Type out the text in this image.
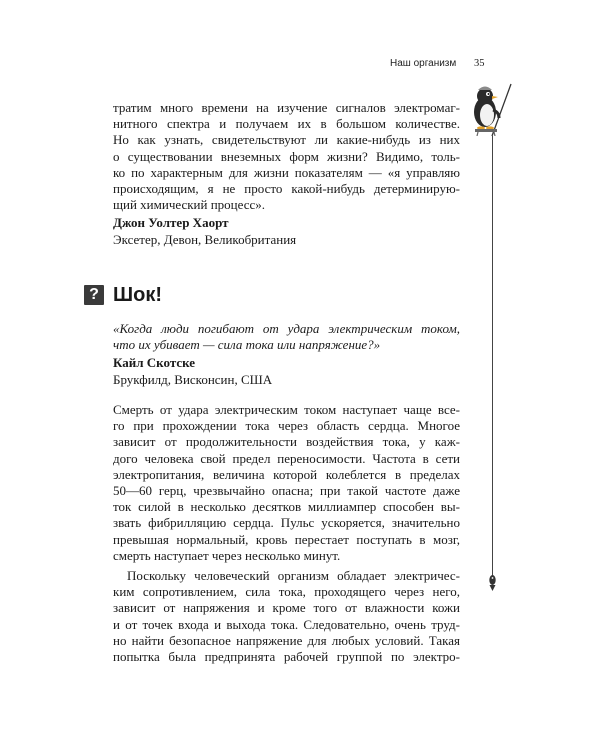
Наш организм 35

тратим много времени на изучение сигналов электромаг-
нитного спектра и получаем их в большом количестве.
Но как узнать, свидетельствуют ли какие-нибудь из них
о существовании внеземных форм жизни? Видимо, толь-
ко по характерным для жизни показателям — «я управляю
происходящим, я не просто какой-нибудь детерминирую-
щий химический процесс».

Джон Уолтер Хаорт

Эксетер, Девон, Великобритания

? Шок!

«Когда люди погибают от удара электрическим током,
что их убивает — сила тока или напряжение?»

Кайл Скотске

Брукфилд, Висконсин, США

Смерть от удара электрическим током наступает чаще все-
го при прохождении тока через область сердца. Многое
зависит от продолжительности воздействия тока, у каж-
дого человека свой предел переносимости. Частота в сети
электропитания, величина которой колеблется в пределах
50—60 герц, чрезвычайно опасна; при такой частоте даже
ток силой в несколько десятков миллиампер способен вы-
звать фибрилляцию сердца. Пульс ускоряется, значительно
превышая нормальный, кровь перестает поступать в мозг,
смерть наступает через несколько минут.

Поскольку человеческий организм обладает электричес-
ким сопротивлением, сила тока, проходящего через него,
зависит от напряжения и кроме того от влажности кожи
и от точек входа и выхода тока. Следовательно, очень труд-
но найти безопасное напряжение для любых условий. Такая
попытка была предпринята рабочей группой по электро-
